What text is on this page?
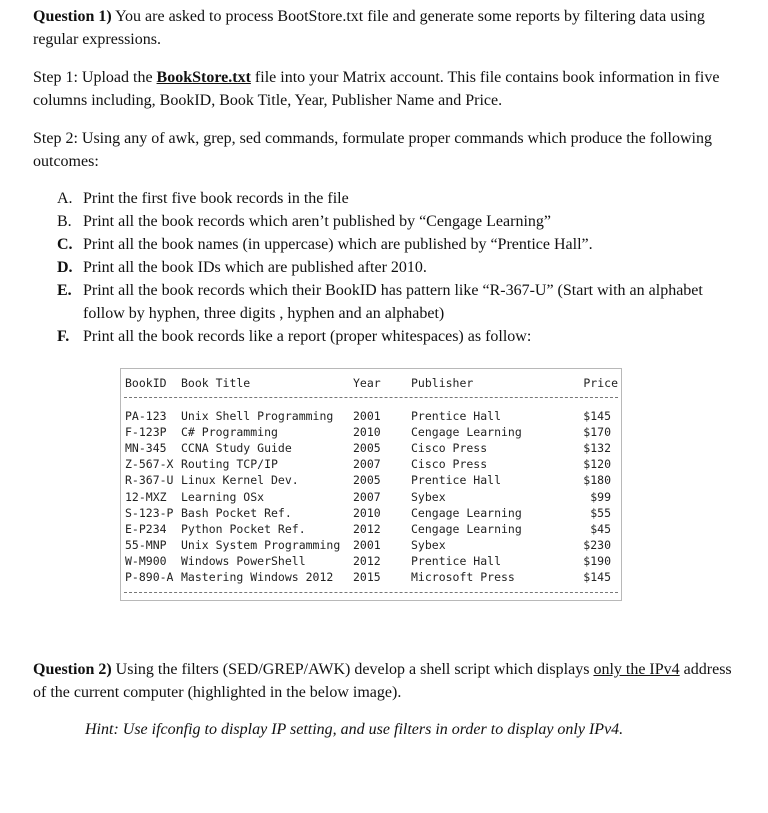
Question 1) You are asked to process BootStore.txt file and generate some reports by filtering data using regular expressions.
Step 1: Upload the BookStore.txt file into your Matrix account. This file contains book information in five columns including, BookID, Book Title, Year, Publisher Name and Price.
Step 2: Using any of awk, grep, sed commands, formulate proper commands which produce the following outcomes:
A. Print the first five book records in the file
B. Print all the book records which aren’t published by “Cengage Learning”
C. Print all the book names (in uppercase) which are published by “Prentice Hall”.
D. Print all the book IDs which are published after 2010.
E. Print all the book records which their BookID has pattern like “R-367-U” (Start with an alphabet follow by hyphen, three digits , hyphen and an alphabet)
F. Print all the book records like a report (proper whitespaces) as follow:
BookID Book Title	Year	Publisher	Price
PA-123 Unix Shell Programming 2001	Prentice Hall	$145
F-123P C# Programming	2010	Cengage Learning	$170
MN-345 CCNA Study Guide	2005	Cisco Press	$132
Z-567-X Routing TCP/IP	2007	Cisco Press	$120
R-367-U Linux Kernel Dev.	2005	Prentice Hall	$180
12-MXZ Learning OSx	2007	Sybex	$99
S-123-P Bash Pocket Ref.	2010	Cengage Learning	$55
E-P234 Python Pocket Ref.	2012	Cengage Learning	$45
55-MNP Unix System Programming 2001	Sybex	$230
W-M900 Windows PowerShell	2012	Prentice Hall	$190
P-890-A Mastering Windows 2012 2015	Microsoft Press	$145
Question 2) Using the filters (SED/GREP/AWK) develop a shell script which displays only the IPv4 address of the current computer (highlighted in the below image).
Hint: Use ifconfig to display IP setting, and use filters in order to display only IPv4.
